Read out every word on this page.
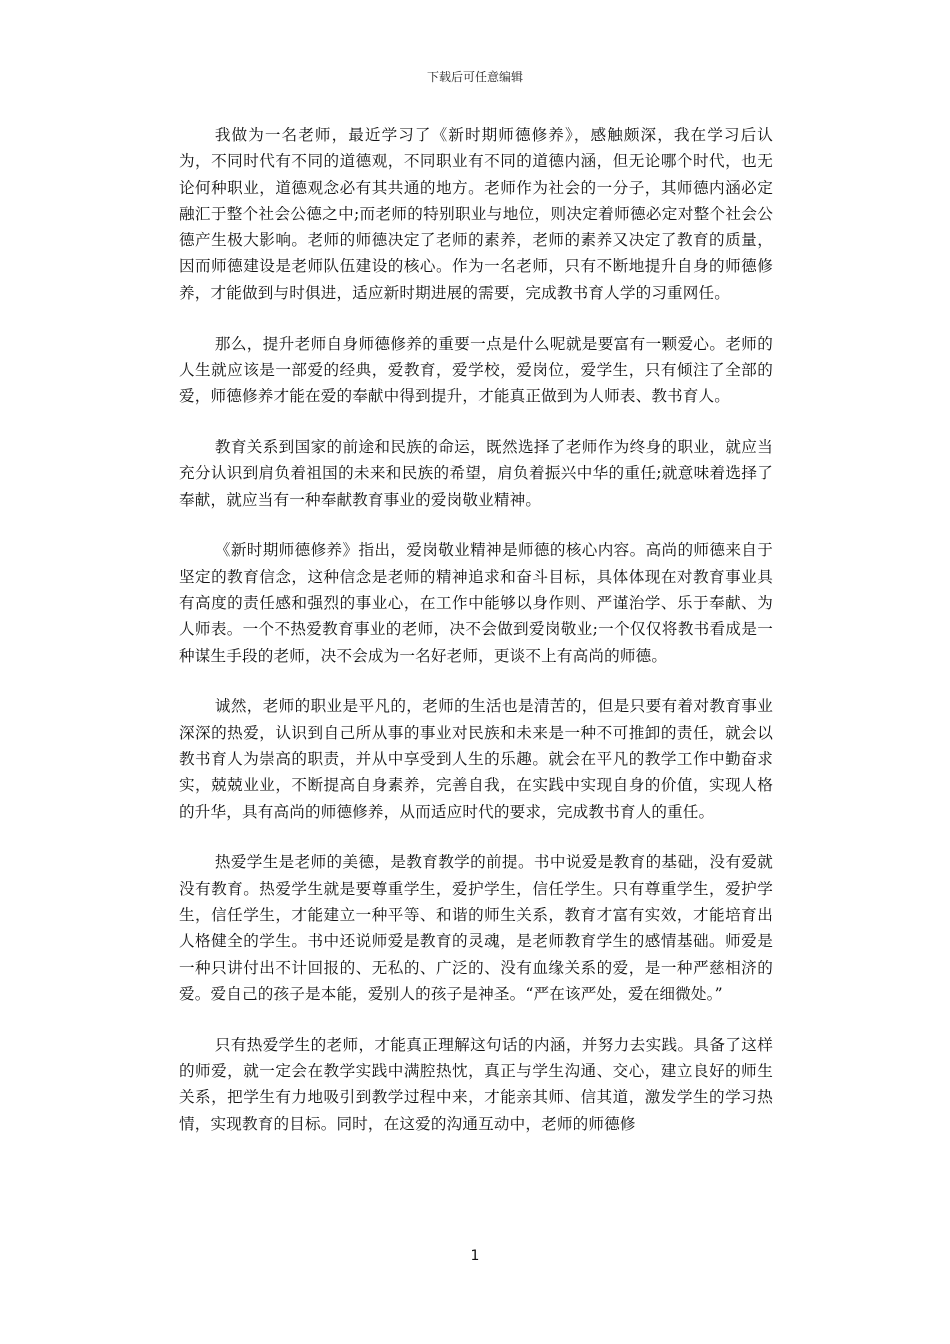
下载后可任意编辑

我做为一名老师，最近学习了《新时期师德修养》，感触颇深，我在学习后认为，不同时代有不同的道德观，不同职业有不同的道德内涵，但无论哪个时代，也无论何种职业，道德观念必有其共通的地方。老师作为社会的一分子，其师德内涵必定融汇于整个社会公德之中;而老师的特别职业与地位，则决定着师德必定对整个社会公德产生极大影响。老师的师德决定了老师的素养，老师的素养又决定了教育的质量，因而师德建设是老师队伍建设的核心。作为一名老师，只有不断地提升自身的师德修养，才能做到与时俱进，适应新时期进展的需要，完成教书育人学的习重网任。

那么，提升老师自身师德修养的重要一点是什么呢就是要富有一颗爱心。老师的人生就应该是一部爱的经典，爱教育，爱学校，爱岗位，爱学生，只有倾注了全部的爱，师德修养才能在爱的奉献中得到提升，才能真正做到为人师表、教书育人。

教育关系到国家的前途和民族的命运，既然选择了老师作为终身的职业，就应当充分认识到肩负着祖国的未来和民族的希望，肩负着振兴中华的重任;就意味着选择了奉献，就应当有一种奉献教育事业的爱岗敬业精神。

《新时期师德修养》指出，爱岗敬业精神是师德的核心内容。高尚的师德来自于坚定的教育信念，这种信念是老师的精神追求和奋斗目标，具体体现在对教育事业具有高度的责任感和强烈的事业心，在工作中能够以身作则、严谨治学、乐于奉献、为人师表。一个不热爱教育事业的老师，决不会做到爱岗敬业;一个仅仅将教书看成是一种谋生手段的老师，决不会成为一名好老师，更谈不上有高尚的师德。

诚然，老师的职业是平凡的，老师的生活也是清苦的，但是只要有着对教育事业深深的热爱，认识到自己所从事的事业对民族和未来是一种不可推卸的责任，就会以教书育人为崇高的职责，并从中享受到人生的乐趣。就会在平凡的教学工作中勤奋求实，兢兢业业，不断提高自身素养，完善自我，在实践中实现自身的价值，实现人格的升华，具有高尚的师德修养，从而适应时代的要求，完成教书育人的重任。

热爱学生是老师的美德，是教育教学的前提。书中说爱是教育的基础，没有爱就没有教育。热爱学生就是要尊重学生，爱护学生，信任学生。只有尊重学生，爱护学生，信任学生，才能建立一种平等、和谐的师生关系，教育才富有实效，才能培育出人格健全的学生。书中还说师爱是教育的灵魂，是老师教育学生的感情基础。师爱是一种只讲付出不计回报的、无私的、广泛的、没有血缘关系的爱，是一种严慈相济的爱。爱自己的孩子是本能，爱别人的孩子是神圣。“严在该严处，爱在细微处。”

只有热爱学生的老师，才能真正理解这句话的内涵，并努力去实践。具备了这样的师爱，就一定会在教学实践中满腔热忱，真正与学生沟通、交心，建立良好的师生关系，把学生有力地吸引到教学过程中来，才能亲其师、信其道，激发学生的学习热情，实现教育的目标。同时，在这爱的沟通互动中，老师的师德修

1
